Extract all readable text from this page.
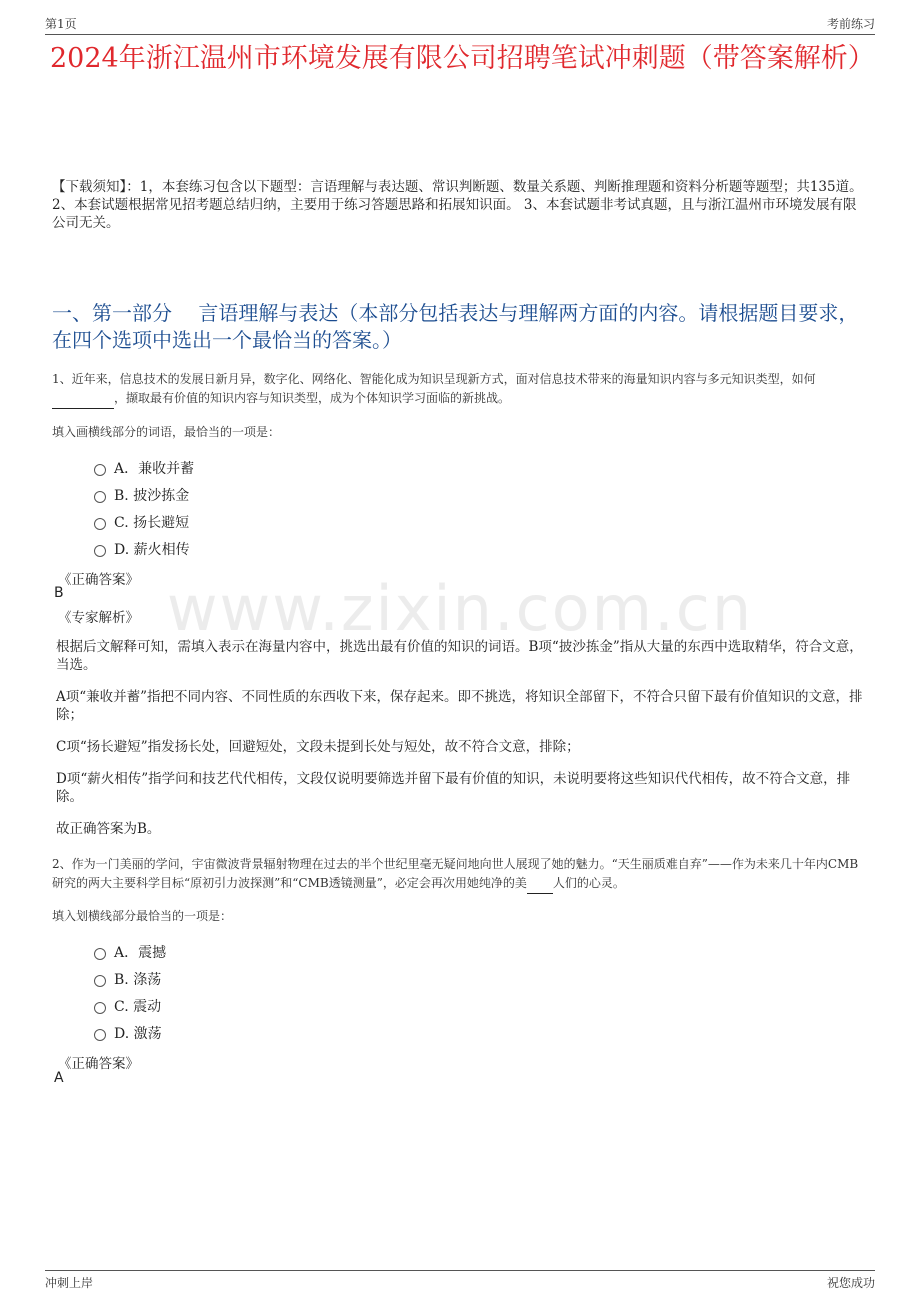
第1页	考前练习
2024年浙江温州市环境发展有限公司招聘笔试冲刺题（带答案解析）
【下载须知】：1，本套练习包含以下题型：言语理解与表达题、常识判断题、数量关系题、判断推理题和资料分析题等题型；共135道。 2、本套试题根据常见招考题总结归纳，主要用于练习答题思路和拓展知识面。 3、本套试题非考试真题，且与浙江温州市环境发展有限公司无关。
一、第一部分　 言语理解与表达（本部分包括表达与理解两方面的内容。请根据题目要求，在四个选项中选出一个最恰当的答案。）
www.zixin.com.cn
1、近年来，信息技术的发展日新月异，数字化、网络化、智能化成为知识呈现新方式，面对信息技术带来的海量知识内容与多元知识类型，如何 ，撷取最有价值的知识内容与知识类型，成为个体知识学习面临的新挑战。
填入画横线部分的词语，最恰当的一项是：
A．兼收并蓄
B. 披沙拣金
C. 扬长避短
D. 薪火相传
《正确答案》
B
《专家解析》
根据后文解释可知，需填入表示在海量内容中，挑选出最有价值的知识的词语。B项“披沙拣金”指从大量的东西中选取精华，符合文意，当选。
A项“兼收并蓄”指把不同内容、不同性质的东西收下来，保存起来。即不挑选，将知识全部留下，不符合只留下最有价值知识的文意，排除；
C项“扬长避短”指发扬长处，回避短处，文段未提到长处与短处，故不符合文意，排除；
D项“薪火相传”指学问和技艺代代相传，文段仅说明要筛选并留下最有价值的知识，未说明要将这些知识代代相传，故不符合文意，排除。
故正确答案为B。
2、作为一门美丽的学问，宇宙微波背景辐射物理在过去的半个世纪里毫无疑问地向世人展现了她的魅力。“天生丽质难自弃”——作为未来几十年内CMB研究的两大主要科学目标“原初引力波探测”和“CMB透镜测量”，必定会再次用她纯净的美 人们的心灵。
填入划横线部分最恰当的一项是：
A．震撼
B. 涤荡
C. 震动
D. 激荡
《正确答案》
A
冲刺上岸	祝您成功
